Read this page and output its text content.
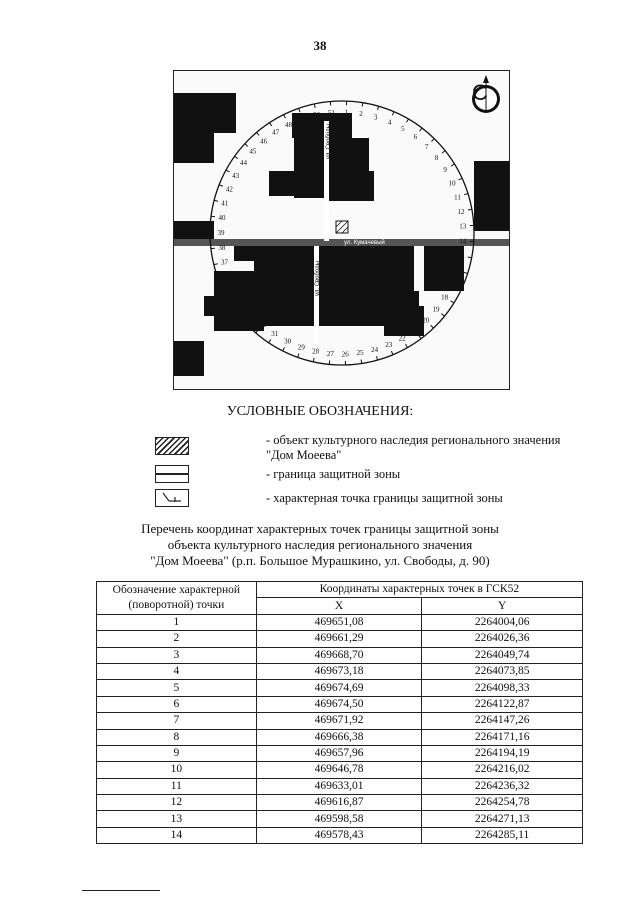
38
1 2 3
4
5
6
7
8
9
10
11
12
13
14
15
16
17
18
19
20
21
22
23
24
25
26
27
28
29
30
31
32
33
34
35
36
37
38
39
40
41
42
43
44
45
46
47
48
49
50 51
ул. Кумачевый
ул. Свободы
ул. Свободы
С
УСЛОВНЫЕ ОБОЗНАЧЕНИЯ:
- объект культурного наследия регионального значения "Дом Моеева"
- граница защитной зоны
- характерная точка границы защитной зоны
Перечень координат характерных точек границы защитной зоны
объекта культурного наследия регионального значения
"Дом Моеева" (р.п. Большое Мурашкино, ул. Свободы, д. 90)
Обозначение характерной
(поворотной) точки	Координаты характерных точек в ГСК52	
	X	Y
1	469651,08	2264004,06
2	469661,29	2264026,36
3	469668,70	2264049,74
4	469673,18	2264073,85
5	469674,69	2264098,33
6	469674,50	2264122,87
7	469671,92	2264147,26
8	469666,38	2264171,16
9	469657,96	2264194,19
10	469646,78	2264216,02
11	469633,01	2264236,32
12	469616,87	2264254,78
13	469598,58	2264271,13
14	469578,43	2264285,11
